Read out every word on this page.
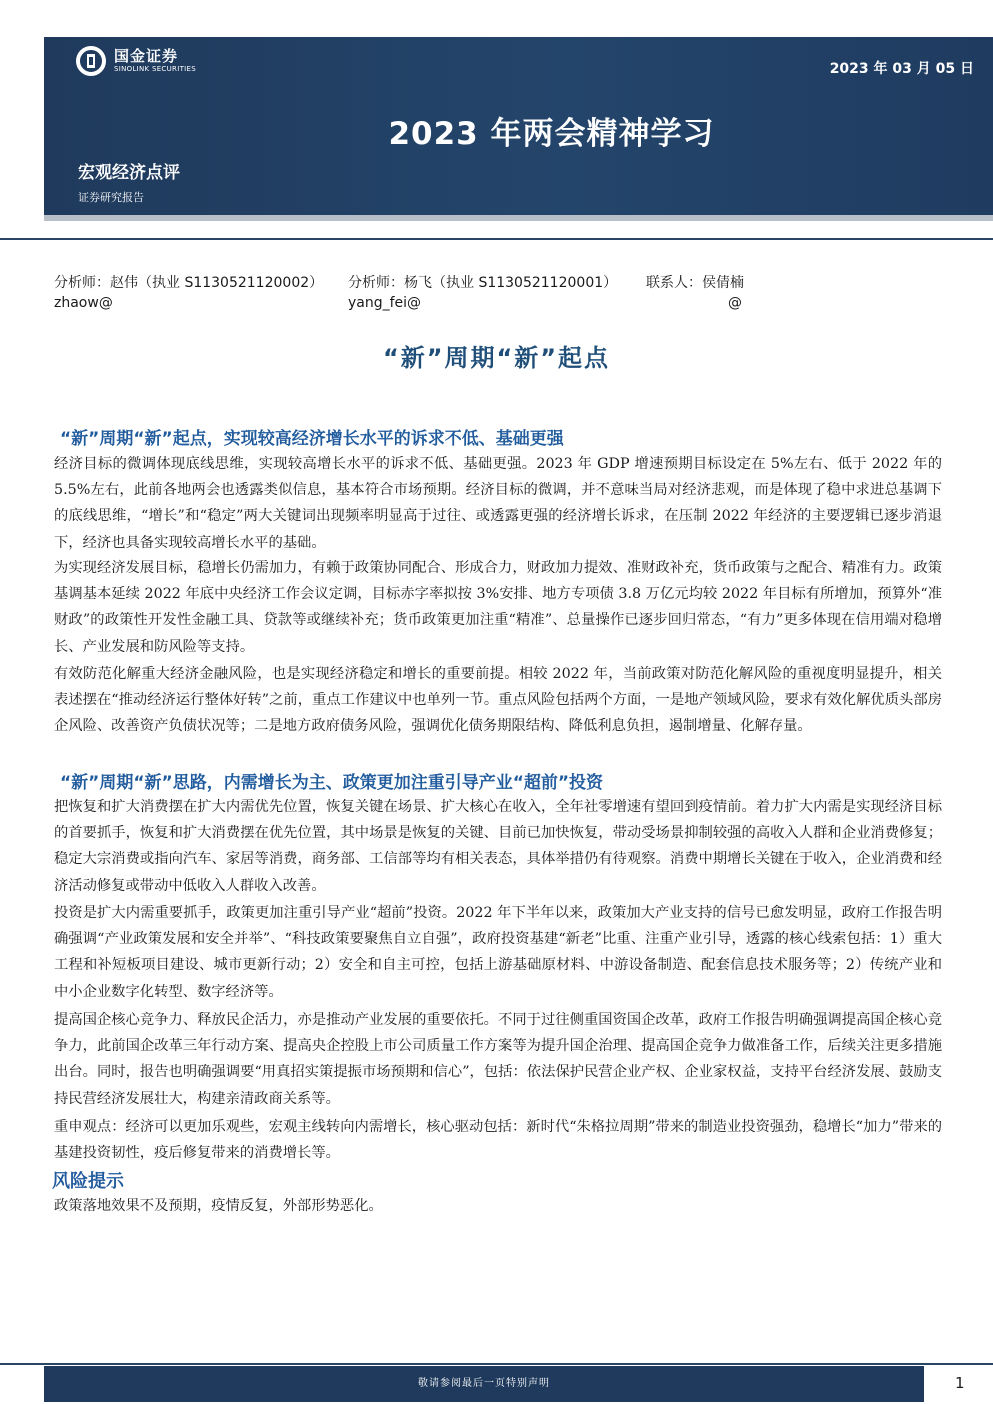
国金证券
SINOLINK SECURITIES	2023 年 03 月 05 日
2023 年两会精神学习
宏观经济点评
证券研究报告
分析师：赵伟（执业 S1130521120002）
zhaow@
分析师：杨飞（执业 S1130521120001）
yang_fei@
联系人：侯倩楠
@
“新”周期“新”起点
“新”周期“新”起点，实现较高经济增长水平的诉求不低、基础更强

经济目标的微调体现底线思维，实现较高增长水平的诉求不低、基础更强。2023 年 GDP 增速预期目标设定在 5%左右、低于 2022 年的 5.5%左右，此前各地两会也透露类似信息，基本符合市场预期。经济目标的微调，并不意味当局对经济悲观，而是体现了稳中求进总基调下的底线思维，“增长”和“稳定”两大关键词出现频率明显高于过往、或透露更强的经济增长诉求，在压制 2022 年经济的主要逻辑已逐步消退下，经济也具备实现较高增长水平的基础。

为实现经济发展目标，稳增长仍需加力，有赖于政策协同配合、形成合力，财政加力提效、准财政补充，货币政策与之配合、精准有力。政策基调基本延续 2022 年底中央经济工作会议定调，目标赤字率拟按 3%安排、地方专项债 3.8 万亿元均较 2022 年目标有所增加，预算外“准财政”的政策性开发性金融工具、贷款等或继续补充；货币政策更加注重“精准”、总量操作已逐步回归常态，“有力”更多体现在信用端对稳增长、产业发展和防风险等支持。

有效防范化解重大经济金融风险，也是实现经济稳定和增长的重要前提。相较 2022 年，当前政策对防范化解风险的重视度明显提升，相关表述摆在“推动经济运行整体好转”之前，重点工作建议中也单列一节。重点风险包括两个方面，一是地产领域风险，要求有效化解优质头部房企风险、改善资产负债状况等；二是地方政府债务风险，强调优化债务期限结构、降低利息负担，遏制增量、化解存量。

“新”周期“新”思路，内需增长为主、政策更加注重引导产业“超前”投资

把恢复和扩大消费摆在扩大内需优先位置，恢复关键在场景、扩大核心在收入，全年社零增速有望回到疫情前。着力扩大内需是实现经济目标的首要抓手，恢复和扩大消费摆在优先位置，其中场景是恢复的关键、目前已加快恢复，带动受场景抑制较强的高收入人群和企业消费修复；稳定大宗消费或指向汽车、家居等消费，商务部、工信部等均有相关表态，具体举措仍有待观察。消费中期增长关键在于收入，企业消费和经济活动修复或带动中低收入人群收入改善。

投资是扩大内需重要抓手，政策更加注重引导产业“超前”投资。2022 年下半年以来，政策加大产业支持的信号已愈发明显，政府工作报告明确强调“产业政策发展和安全并举”、“科技政策要聚焦自立自强”，政府投资基建“新老”比重、注重产业引导，透露的核心线索包括：1）重大工程和补短板项目建设、城市更新行动；2）安全和自主可控，包括上游基础原材料、中游设备制造、配套信息技术服务等；2）传统产业和中小企业数字化转型、数字经济等。

提高国企核心竞争力、释放民企活力，亦是推动产业发展的重要依托。不同于过往侧重国资国企改革，政府工作报告明确强调提高国企核心竞争力，此前国企改革三年行动方案、提高央企控股上市公司质量工作方案等为提升国企治理、提高国企竞争力做准备工作，后续关注更多措施出台。同时，报告也明确强调要“用真招实策提振市场预期和信心”，包括：依法保护民营企业产权、企业家权益，支持平台经济发展、鼓励支持民营经济发展壮大，构建亲清政商关系等。

重申观点：经济可以更加乐观些，宏观主线转向内需增长，核心驱动包括：新时代“朱格拉周期”带来的制造业投资强劲，稳增长“加力”带来的基建投资韧性，疫后修复带来的消费增长等。

风险提示

政策落地效果不及预期，疫情反复，外部形势恶化。

敬请参阅最后一页特别声明	1
